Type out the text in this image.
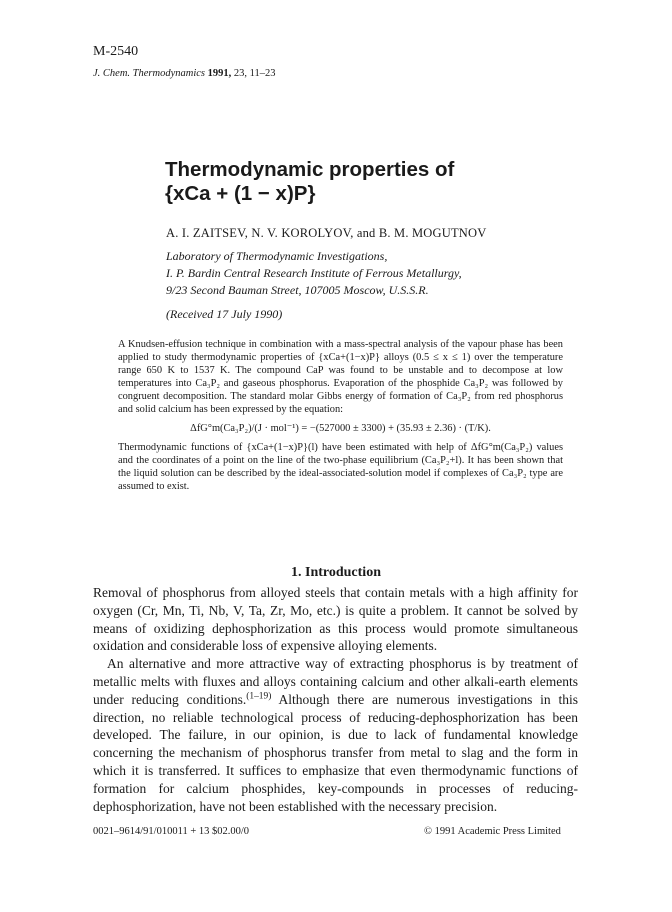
M-2540
J. Chem. Thermodynamics 1991, 23, 11–23
Thermodynamic properties of
{xCa + (1 − x)P}
A. I. ZAITSEV, N. V. KOROLYOV, and B. M. MOGUTNOV
Laboratory of Thermodynamic Investigations,
I. P. Bardin Central Research Institute of Ferrous Metallurgy,
9/23 Second Bauman Street, 107005 Moscow, U.S.S.R.
(Received 17 July 1990)

A Knudsen-effusion technique in combination with a mass-spectral analysis of the vapour phase has been applied to study thermodynamic properties of {xCa+(1−x)P} alloys (0.5 ≤ x ≤ 1) over the temperature range 650 K to 1537 K. The compound CaP was found to be unstable and to decompose at low temperatures into Ca₃P₂ and gaseous phosphorus. Evaporation of the phosphide Ca₃P₂ was followed by congruent decomposition. The standard molar Gibbs energy of formation of Ca₃P₂ from red phosphorus and solid calcium has been expressed by the equation:

ΔfG°m(Ca₃P₂)/(J · mol⁻¹) = −(527000 ± 3300) + (35.93 ± 2.36) · (T/K).

Thermodynamic functions of {xCa+(1−x)P}(l) have been estimated with help of ΔfG°m(Ca₃P₂) values and the coordinates of a point on the line of the two-phase equilibrium (Ca₃P₂+l). It has been shown that the liquid solution can be described by the ideal-associated-solution model if complexes of Ca₃P₂ type are assumed to exist.

1. Introduction

Removal of phosphorus from alloyed steels that contain metals with a high affinity for oxygen (Cr, Mn, Ti, Nb, V, Ta, Zr, Mo, etc.) is quite a problem. It cannot be solved by means of oxidizing dephosphorization as this process would promote simultaneous oxidation and considerable loss of expensive alloying elements.

An alternative and more attractive way of extracting phosphorus is by treatment of metallic melts with fluxes and alloys containing calcium and other alkali-earth elements under reducing conditions.$^{(1-19)}$ Although there are numerous investigations in this direction, no reliable technological process of reducing-dephosphorization has been developed. The failure, in our opinion, is due to lack of fundamental knowledge concerning the mechanism of phosphorus transfer from metal to slag and the form in which it is transferred. It suffices to emphasize that even thermodynamic functions of formation for calcium phosphides, key-compounds in processes of reducing-dephosphorization, have not been established with the necessary precision.

0021–9614/91/010011 + 13 $02.00/0	© 1991 Academic Press Limited
